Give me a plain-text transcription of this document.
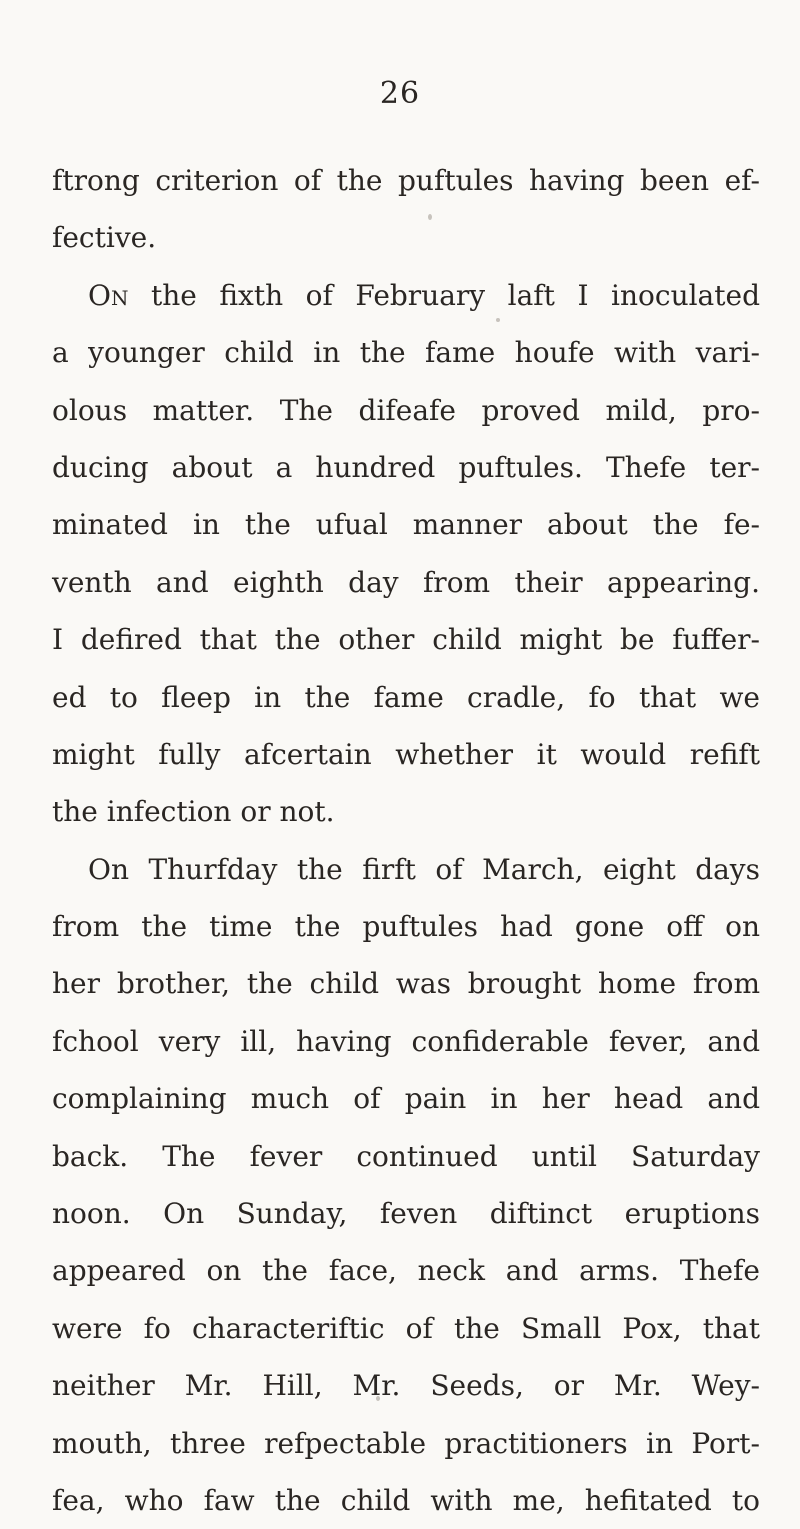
26
ftrong criterion of the puftules having been ef-
fective.
On the fixth of February laft I inoculated
a younger child in the fame houfe with vari-
olous matter. The difeafe proved mild, pro-
ducing about a hundred puftules. Thefe ter-
minated in the ufual manner about the fe-
venth and eighth day from their appearing.
I defired that the other child might be fuffer-
ed to fleep in the fame cradle, fo that we
might fully afcertain whether it would refift
the infection or not.
On Thurfday the firft of March, eight days
from the time the puftules had gone off on
her brother, the child was brought home from
fchool very ill, having confiderable fever, and
complaining much of pain in her head and
back. The fever continued until Saturday
noon. On Sunday, feven diftinct eruptions
appeared on the face, neck and arms. Thefe
were fo characteriftic of the Small Pox, that
neither Mr. Hill, Mr. Seeds, or Mr. Wey-
mouth, three refpectable practitioners in Port-
fea, who faw the child with me, hefitated to
